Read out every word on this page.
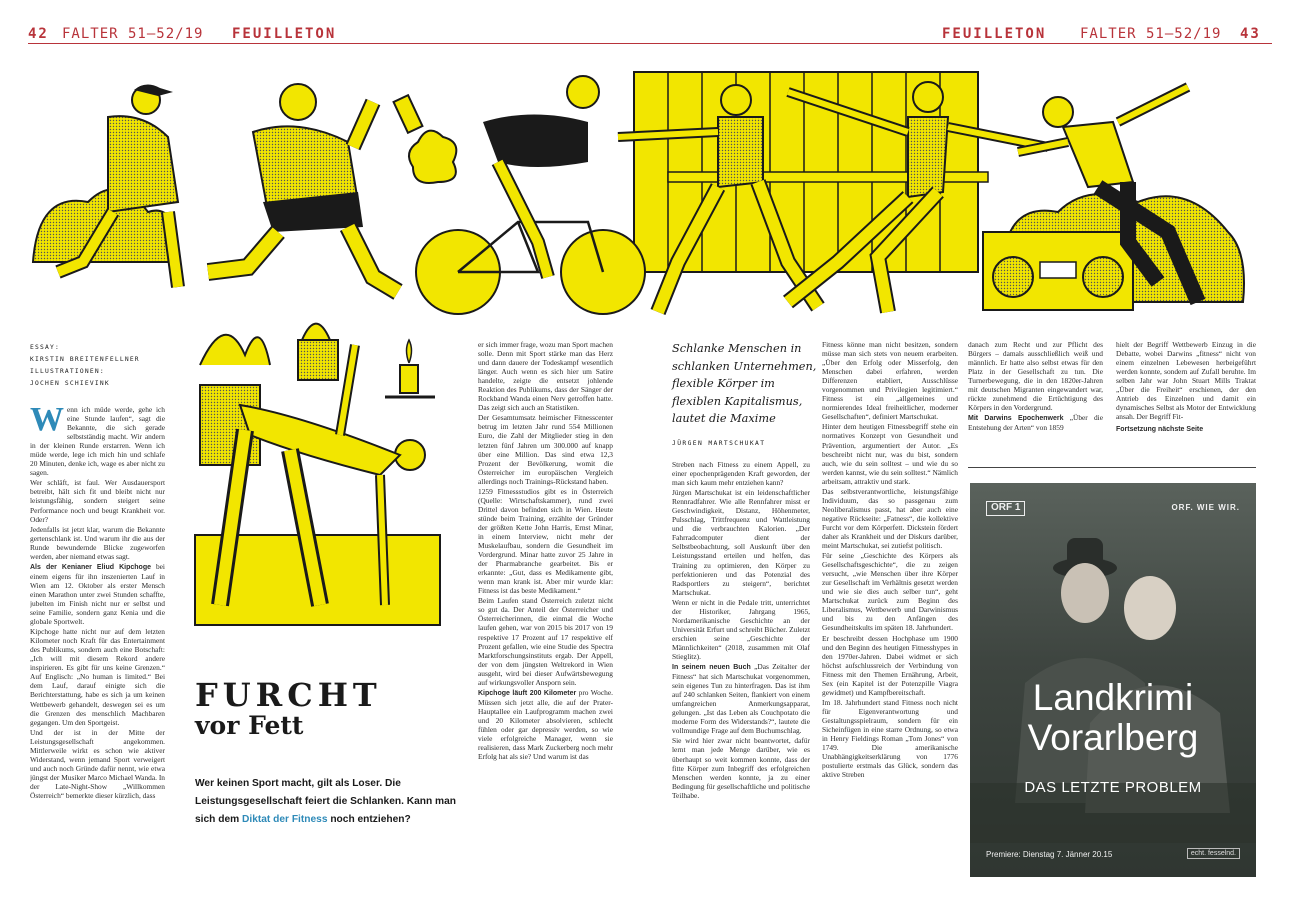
42 FALTER 51–52/19 FEUILLETON	FEUILLETON FALTER 51–52/19 43

ESSAY:

KIRSTIN BREITENFELLNER

ILLUSTRATIONEN:

JOCHEN SCHIEVINK

W enn ich müde werde, gehe ich eine Stunde laufen“, sagt die Bekannte, die sich gerade selbstständig macht. Wir andern in der kleinen Runde erstarren. Wenn ich müde werde, lege ich mich hin und schlafe 20 Minuten, denke ich, wage es aber nicht zu sagen.

Wer schläft, ist faul. Wer Ausdauersport betreibt, hält sich fit und bleibt nicht nur leistungsfähig, sondern steigert seine Performance noch und beugt Krankheit vor. Oder?

Jedenfalls ist jetzt klar, warum die Bekannte gertenschlank ist. Und warum ihr die aus der Runde bewundernde Blicke zugeworfen werden, aber niemand etwas sagt.

Als der Kenianer Eliud Kipchoge bei einem eigens für ihn inszenierten Lauf in Wien am 12. Oktober als erster Mensch einen Marathon unter zwei Stunden schaffte, jubelten im Finish nicht nur er selbst und seine Familie, sondern ganz Kenia und die globale Sportwelt.

Kipchoge hatte nicht nur auf dem letzten Kilometer noch Kraft für das Entertainment des Publikums, sondern auch eine Botschaft: „Ich will mit diesem Rekord andere inspirieren. Es gibt für uns keine Grenzen.“ Auf Englisch: „No human is limited.“ Bei dem Lauf, darauf einigte sich die Berichterstattung, habe es sich ja um keinen Wettbewerb gehandelt, deswegen sei es um die Grenzen des menschlich Machbaren gegangen. Um den Sportgeist.

Und der ist in der Mitte der Leistungsgesellschaft angekommen. Mittlerweile wirkt es schon wie aktiver Widerstand, wenn jemand Sport verweigert und auch noch Gründe dafür nennt, wie etwa jüngst der Musiker Marco Michael Wanda. In der Late-Night-Show „Willkommen Österreich“ bemerkte dieser kürzlich, dass

FURCHT
vor Fett
Wer keinen Sport macht, gilt als Loser. Die Leistungsgesellschaft feiert die Schlanken. Kann man sich dem Diktat der Fitness noch entziehen?

er sich immer frage, wozu man Sport machen solle. Denn mit Sport stärke man das Herz und dann dauere der Todeskampf wesentlich länger. Auch wenn es sich hier um Satire handelte, zeigte die entsetzt johlende Reaktion des Publikums, dass der Sänger der Rockband Wanda einen Nerv getroffen hatte. Das zeigt sich auch an Statistiken.

Der Gesamtumsatz heimischer Fitnesscenter betrug im letzten Jahr rund 554 Millionen Euro, die Zahl der Mitglieder stieg in den letzten fünf Jahren um 300.000 auf knapp über eine Million. Das sind etwa 12,3 Prozent der Bevölkerung, womit die Österreicher im europäischen Vergleich allerdings noch Trainings-Rückstand haben.

1259 Fitnessstudios gibt es in Österreich (Quelle: Wirtschaftskammer), rund zwei Drittel davon befinden sich in Wien. Heute stünde beim Training, erzählte der Gründer der größten Kette John Harris, Ernst Minar, in einem Interview, nicht mehr der Muskelaufbau, sondern die Gesundheit im Vordergrund. Minar hatte zuvor 25 Jahre in der Pharmabranche gearbeitet. Bis er erkannte: „Gut, dass es Medikamente gibt, wenn man krank ist. Aber mir wurde klar: Fitness ist das beste Medikament.“

Beim Laufen stand Österreich zuletzt nicht so gut da. Der Anteil der Österreicher und Österreicherinnen, die einmal die Woche laufen gehen, war von 2015 bis 2017 von 19 respektive 17 Prozent auf 17 respektive elf Prozent gefallen, wie eine Studie des Spectra Marktforschungsinstituts ergab. Der Appell, der von dem jüngsten Weltrekord in Wien ausgeht, wird bei dieser Aufwärtsbewegung auf wirkungsvoller Ansporn sein.

Kipchoge läuft 200 Kilometer pro Woche. Müssen sich jetzt alle, die auf der Prater-Hauptallee ein Laufprogramm machen zwei und 20 Kilometer absolvieren, schlecht fühlen oder gar depressiv werden, so wie viele erfolgreiche Manager, wenn sie realisieren, dass Mark Zuckerberg noch mehr Erfolg hat als sie? Und warum ist das

Schlanke Menschen in schlanken Unternehmen, flexible Körper im flexiblen Kapitalismus, lautet die Maxime

JÜRGEN MARTSCHUKAT

Streben nach Fitness zu einem Appell, zu einer epochenprägenden Kraft geworden, der man sich kaum mehr entziehen kann?

Jürgen Martschukat ist ein leidenschaftlicher Rennradfahrer. Wie alle Rennfahrer misst er Geschwindigkeit, Distanz, Höhenmeter, Pulsschlag, Trittfrequenz und Wattleistung und die verbrauchten Kalorien. „Der Fahrradcomputer dient der Selbstbeobachtung, soll Auskunft über den Leistungsstand erteilen und helfen, das Training zu optimieren, den Körper zu perfektionieren und das Potenzial des Radsportlers zu steigern“, berichtet Martschukat.

Wenn er nicht in die Pedale tritt, unterrichtet der Historiker, Jahrgang 1965, Nordamerikanische Geschichte an der Universität Erfurt und schreibt Bücher. Zuletzt erschien seine „Geschichte der Männlichkeiten“ (2018, zusammen mit Olaf Stieglitz).

In seinem neuen Buch „Das Zeitalter der Fitness“ hat sich Martschukat vorgenommen, sein eigenes Tun zu hinterfragen. Das ist ihm auf 240 schlanken Seiten, flankiert von einem umfangreichen Anmerkungsapparat, gelungen. „Ist das Leben als Couchpotato die moderne Form des Widerstands?“, lautete die vollmundige Frage auf dem Buchumschlag.

Sie wird hier zwar nicht beantwortet, dafür lernt man jede Menge darüber, wie es überhaupt so weit kommen konnte, dass der fitte Körper zum Inbegriff des erfolgreichen Menschen werden konnte, ja zu einer Bedingung für gesellschaftliche und politische Teilhabe.

Fitness könne man nicht besitzen, sondern müsse man sich stets von neuem erarbeiten. „Über den Erfolg oder Misserfolg, den Menschen dabei erfahren, werden Differenzen etabliert, Ausschlüsse vorgenommen und Privilegien legitimiert.“ Fitness ist ein „allgemeines und normierendes Ideal freiheitlicher, moderner Gesellschaften“, definiert Martschukat.

Hinter dem heutigen Fitnessbegriff stehe ein normatives Konzept von Gesundheit und Prävention, argumentiert der Autor. „Es beschreibt nicht nur, was du bist, sondern auch, wie du sein solltest – und wie du so werden kannst, wie du sein solltest.“ Nämlich arbeitsam, attraktiv und stark.

Das selbstverantwortliche, leistungsfähige Individuum, das so passgenau zum Neoliberalismus passt, hat aber auch eine negative Rückseite: „Fatness“, die kollektive Furcht vor dem Körperfett. Dickstein fördert daher als Krankheit und der Diskurs darüber, meint Martschukat, sei zutiefst politisch.

Für seine „Geschichte des Körpers als Gesellschaftsgeschichte“, die zu zeigen versucht, „wie Menschen über ihre Körper zur Gesellschaft im Verhältnis gesetzt werden und wie sie dies auch selber tun“, geht Martschukat zurück zum Beginn des Liberalismus, Wettbewerb und Darwinismus und bis zu den Anfängen des Gesundheitskults im späten 18. Jahrhundert.

Er beschreibt dessen Hochphase um 1900 und den Beginn des heutigen Fitnesshypes in den 1970er-Jahren. Dabei widmet er sich höchst aufschlussreich der Verbindung von Fitness mit den Themen Ernährung, Arbeit, Sex (ein Kapitel ist der Potenzpille Viagra gewidmet) und Kampfbereitschaft.

Im 18. Jahrhundert stand Fitness noch nicht für Eigenverantwortung und Gestaltungsspielraum, sondern für ein Sicheinfügen in eine starre Ordnung, so etwa in Henry Fieldings Roman „Tom Jones“ von 1749. Die amerikanische Unabhängigkeitserklärung von 1776 postulierte erstmals das Glück, sondern das aktive Streben

danach zum Recht und zur Pflicht des Bürgers – damals ausschließlich weiß und männlich. Er hatte also selbst etwas für den Platz in der Gesellschaft zu tun. Die Turnerbewegung, die in den 1820er-Jahren mit deutschen Migranten eingewandert war, rückte zunehmend die Ertüchtigung des Körpers in den Vordergrund.

Mit Darwins Epochenwerk „Über die Entstehung der Arten“ von 1859

hielt der Begriff Wettbewerb Einzug in die Debatte, wobei Darwins „fitness“ nicht von einem einzelnen Lebewesen herbeigeführt werden konnte, sondern auf Zufall beruhte. Im selben Jahr war John Stuart Mills Traktat „Über die Freiheit“ erschienen, der den Antrieb des Einzelnen und damit ein dynamisches Selbst als Motor der Entwicklung ansah. Der Begriff Fit-

Fortsetzung nächste Seite

ORF 1	ORF. WIE WIR.
Landkrimi
Vorarlberg
DAS LETZTE PROBLEM
Premiere: Dienstag 7. Jänner 20.15	echt. fesselnd.
